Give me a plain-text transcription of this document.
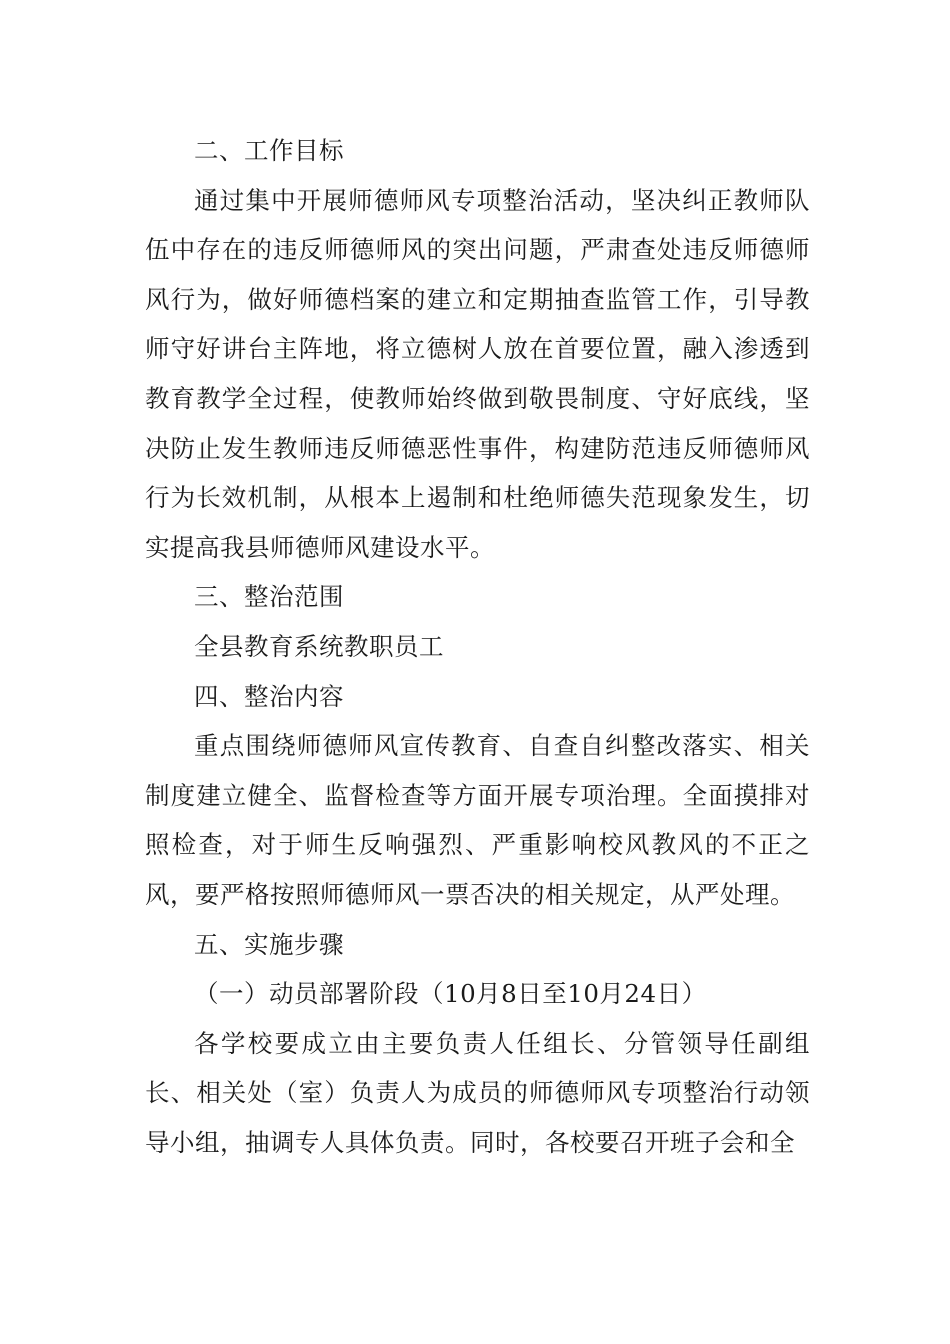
二、工作目标

通过集中开展师德师风专项整治活动，坚决纠正教师队伍中存在的违反师德师风的突出问题，严肃查处违反师德师风行为，做好师德档案的建立和定期抽查监管工作，引导教师守好讲台主阵地，将立德树人放在首要位置，融入渗透到教育教学全过程，使教师始终做到敬畏制度、守好底线，坚决防止发生教师违反师德恶性事件，构建防范违反师德师风行为长效机制，从根本上遏制和杜绝师德失范现象发生，切实提高我县师德师风建设水平。

三、整治范围

全县教育系统教职员工

四、整治内容

重点围绕师德师风宣传教育、自查自纠整改落实、相关制度建立健全、监督检查等方面开展专项治理。全面摸排对照检查，对于师生反响强烈、严重影响校风教风的不正之风，要严格按照师德师风一票否决的相关规定，从严处理。

五、实施步骤

（一）动员部署阶段（10月8日至10月24日）

各学校要成立由主要负责人任组长、分管领导任副组长、相关处（室）负责人为成员的师德师风专项整治行动领导小组，抽调专人具体负责。同时，各校要召开班子会和全
